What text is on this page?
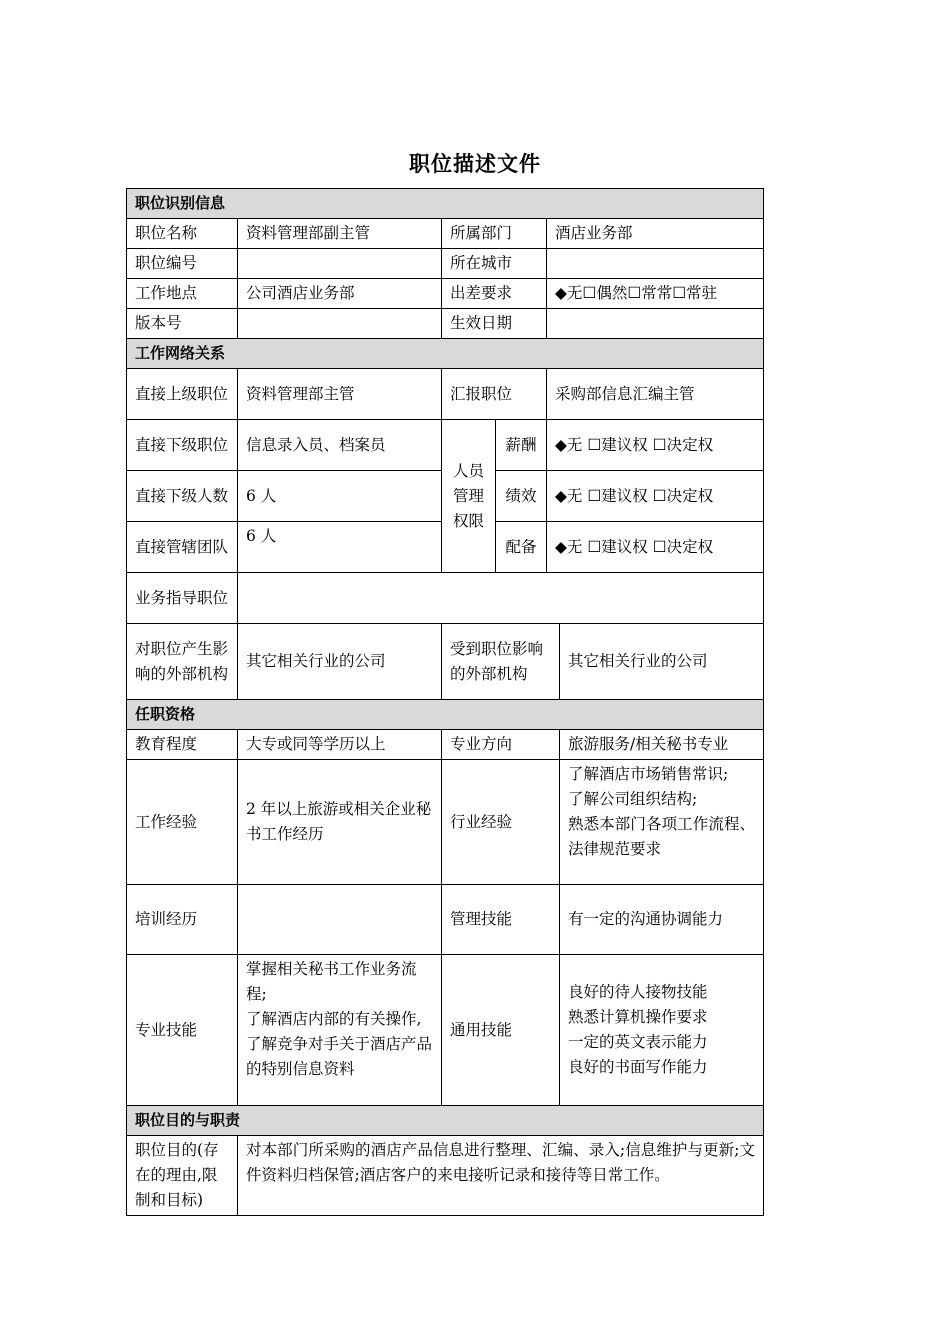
职位描述文件
职位识别信息					
职位名称	资料管理部副主管	所属部门		酒店业务部	
职位编号		所在城市			
工作地点	公司酒店业务部	出差要求		◆无☐偶然☐常常☐常驻	
版本号		生效日期			
工作网络关系					
直接上级职位	资料管理部主管	汇报职位		采购部信息汇编主管	
直接下级职位	信息录入员、档案员	人员管理权限	薪酬	◆无 ☐建议权 ☐决定权	
直接下级人数	6 人		绩效	◆无 ☐建议权 ☐决定权	
直接管辖团队	6 人		配备	◆无 ☐建议权 ☐决定权	
业务指导职位					
对职位产生影响的外部机构	其它相关行业的公司	受到职位影响的外部机构			其它相关行业的公司
任职资格					
教育程度	大专或同等学历以上	专业方向			旅游服务/相关秘书专业
工作经验	2 年以上旅游或相关企业秘书工作经历	行业经验			了解酒店市场销售常识;
了解公司组织结构;
熟悉本部门各项工作流程、法律规范要求
培训经历		管理技能			有一定的沟通协调能力
专业技能	掌握相关秘书工作业务流程;
了解酒店内部的有关操作,
了解竞争对手关于酒店产品的特别信息资料	通用技能			良好的待人接物技能
熟悉计算机操作要求
一定的英文表示能力
良好的书面写作能力
职位目的与职责					
职位目的(存在的理由,限制和目标)	对本部门所采购的酒店产品信息进行整理、汇编、录入;信息维护与更新;文件资料归档保管;酒店客户的来电接听记录和接待等日常工作。				
